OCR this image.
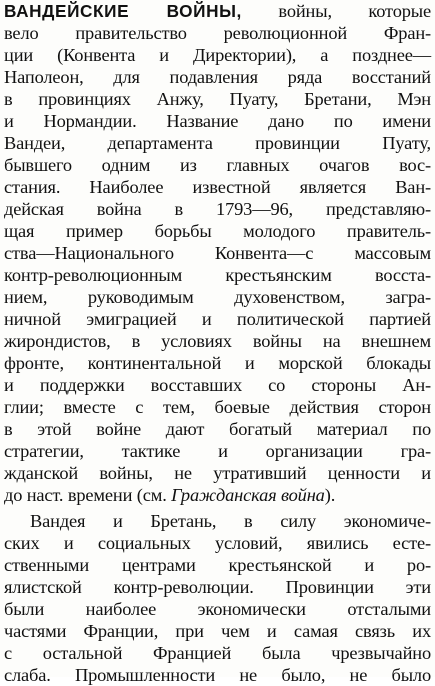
ВАНДЕЙСКИЕ ВОЙНЫ, войны, которые
вело правительство революционной Фран-
ции (Конвента и Директории), а позднее—
Наполеон, для подавления ряда восстаний
в провинциях Анжу, Пуату, Бретани, Мэн
и Нормандии. Название дано по имени
Вандеи, департамента провинции Пуату,
бывшего одним из главных очагов вос-
стания. Наиболее известной является Ван-
дейская война в 1793—96, представляю-
щая пример борьбы молодого правитель-
ства—Национального Конвента—с массовым
контр-революционным крестьянским восста-
нием, руководимым духовенством, загра-
ничной эмиграцией и политической партией
жирондистов, в условиях войны на внешнем
фронте, континентальной и морской блокады
и поддержки восставших со стороны Ан-
глии; вместе с тем, боевые действия сторон
в этой войне дают богатый материал по
стратегии, тактике и организации гра-
жданской войны, не утративший ценности и
до наст. времени (см. Гражданская война).
Вандея и Бретань, в силу экономиче-
ских и социальных условий, явились есте-
ственными центрами крестьянской и ро-
ялистской контр-революции. Провинции эти
были наиболее экономически отсталыми
частями Франции, при чем и самая связь их
с остальной Францией была чрезвычайно
слаба. Промышленности не было, не было
